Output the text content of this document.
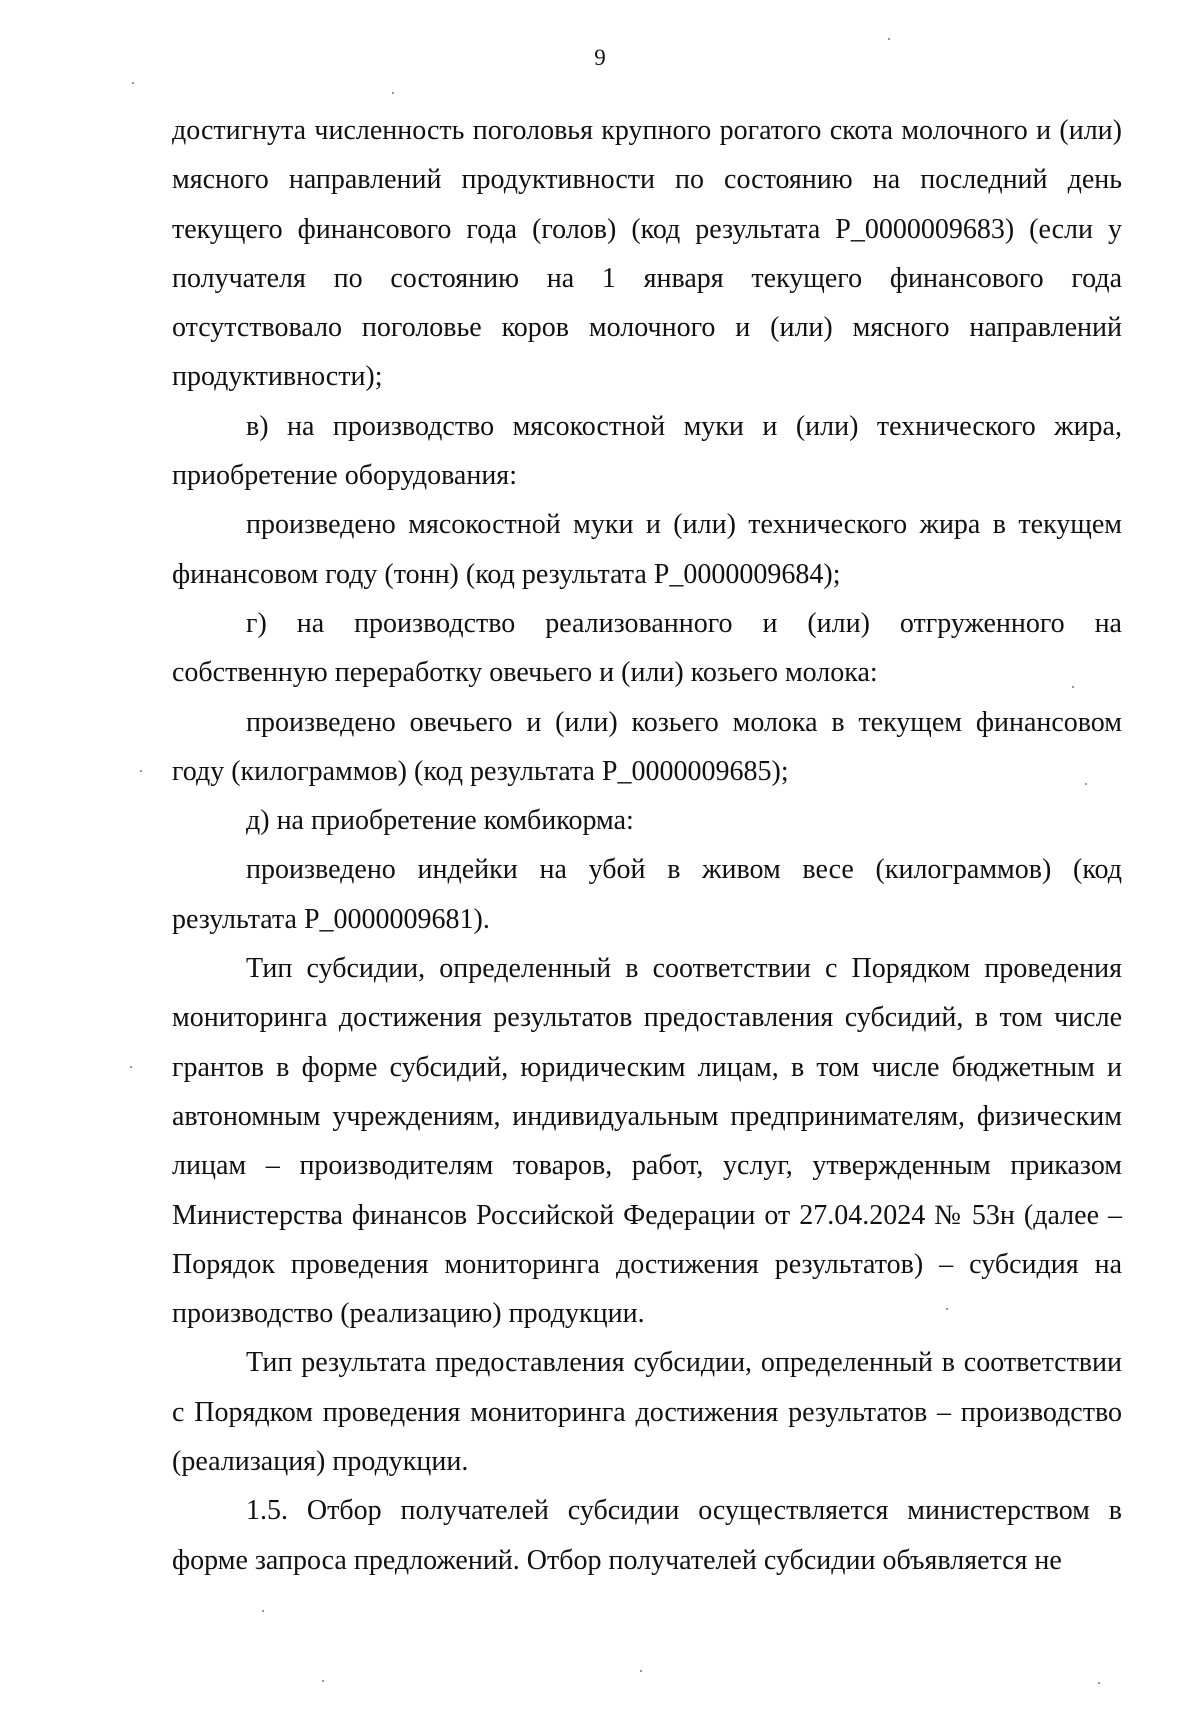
9

достигнута численность поголовья крупного рогатого скота молочного и (или) мясного направлений продуктивности по состоянию на последний день текущего финансового года (голов) (код результата Р_0000009683) (если у получателя по состоянию на 1 января текущего финансового года отсутствовало поголовье коров молочного и (или) мясного направлений продуктивности);

в) на производство мясокостной муки и (или) технического жира, приобретение оборудования:

произведено мясокостной муки и (или) технического жира в текущем финансовом году (тонн) (код результата Р_0000009684);

г) на производство реализованного и (или) отгруженного на собственную переработку овечьего и (или) козьего молока:

произведено овечьего и (или) козьего молока в текущем финансовом году (килограммов) (код результата Р_0000009685);

д) на приобретение комбикорма:

произведено индейки на убой в живом весе (килограммов) (код результата Р_0000009681).

Тип субсидии, определенный в соответствии с Порядком проведения мониторинга достижения результатов предоставления субсидий, в том числе грантов в форме субсидий, юридическим лицам, в том числе бюджетным и автономным учреждениям, индивидуальным предпринимателям, физическим лицам – производителям товаров, работ, услуг, утвержденным приказом Министерства финансов Российской Федерации от 27.04.2024 № 53н (далее – Порядок проведения мониторинга достижения результатов) – субсидия на производство (реализацию) продукции.

Тип результата предоставления субсидии, определенный в соответствии с Порядком проведения мониторинга достижения результатов – производство (реализация) продукции.

1.5. Отбор получателей субсидии осуществляется министерством в форме запроса предложений. Отбор получателей субсидии объявляется не
